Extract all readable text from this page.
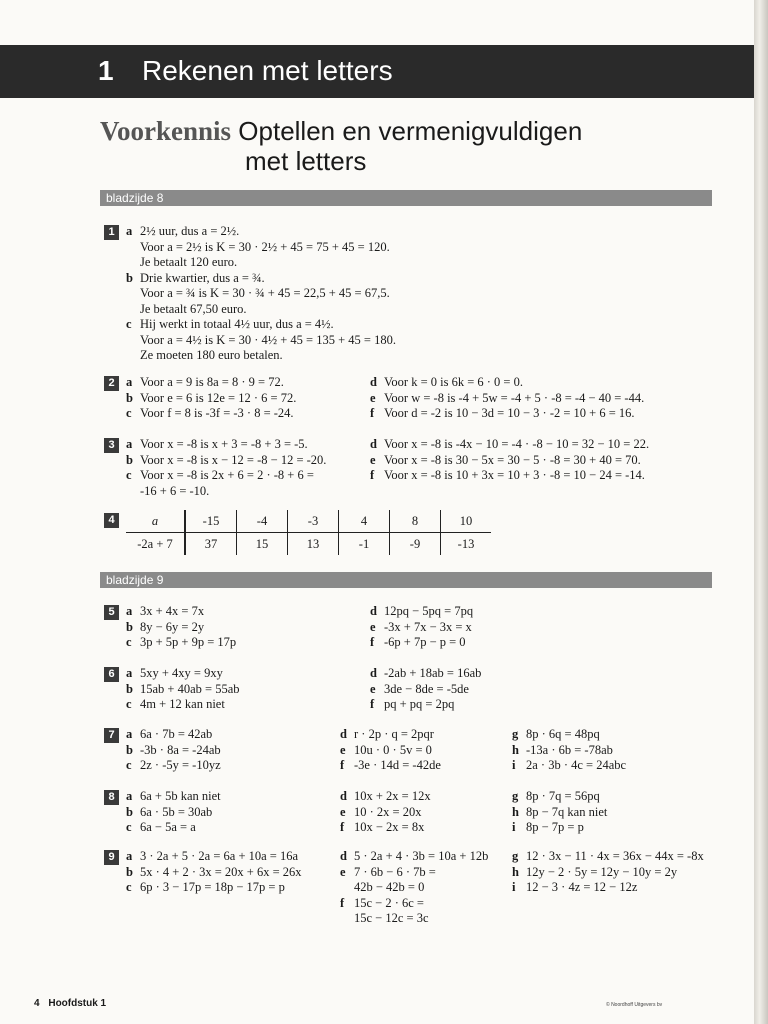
1 Rekenen met letters
Voorkennis Optellen en vermenigvuldigen
met letters
bladzijde 8
1 a 2½ uur, dus a = 2½.
Voor a = 2½ is K = 30 · 2½ + 45 = 75 + 45 = 120.
Je betaalt 120 euro.
b Drie kwartier, dus a = ¾.
Voor a = ¾ is K = 30 · ¾ + 45 = 22,5 + 45 = 67,5.
Je betaalt 67,50 euro.
c Hij werkt in totaal 4½ uur, dus a = 4½.
Voor a = 4½ is K = 30 · 4½ + 45 = 135 + 45 = 180.
Ze moeten 180 euro betalen.
2 a Voor a = 9 is 8a = 8 · 9 = 72.
b Voor e = 6 is 12e = 12 · 6 = 72.
c Voor f = 8 is -3f = -3 · 8 = -24.
d Voor k = 0 is 6k = 6 · 0 = 0.
e Voor w = -8 is -4 + 5w = -4 + 5 · -8 = -4 − 40 = -44.
f Voor d = -2 is 10 − 3d = 10 − 3 · -2 = 10 + 6 = 16.
3 a Voor x = -8 is x + 3 = -8 + 3 = -5.
b Voor x = -8 is x − 12 = -8 − 12 = -20.
c Voor x = -8 is 2x + 6 = 2 · -8 + 6 =
-16 + 6 = -10.
d Voor x = -8 is -4x − 10 = -4 · -8 − 10 = 32 − 10 = 22.
e Voor x = -8 is 30 − 5x = 30 − 5 · -8 = 30 + 40 = 70.
f Voor x = -8 is 10 + 3x = 10 + 3 · -8 = 10 − 24 = -14.
4	a	-15	-4	-3	4	8	10
-2a + 7	37	15	13	-1	-9	-13
bladzijde 9
5 a 3x + 4x = 7x
b 8y − 6y = 2y
c 3p + 5p + 9p = 17p
d 12pq − 5pq = 7pq
e -3x + 7x − 3x = x
f -6p + 7p − p = 0
6 a 5xy + 4xy = 9xy
b 15ab + 40ab = 55ab
c 4m + 12 kan niet
d -2ab + 18ab = 16ab
e 3de − 8de = -5de
f pq + pq = 2pq
7 a 6a · 7b = 42ab
b -3b · 8a = -24ab
c 2z · -5y = -10yz
d r · 2p · q = 2pqr
e 10u · 0 · 5v = 0
f -3e · 14d = -42de
g 8p · 6q = 48pq
h -13a · 6b = -78ab
i 2a · 3b · 4c = 24abc
8 a 6a + 5b kan niet
b 6a · 5b = 30ab
c 6a − 5a = a
d 10x + 2x = 12x
e 10 · 2x = 20x
f 10x − 2x = 8x
g 8p · 7q = 56pq
h 8p − 7q kan niet
i 8p − 7p = p
9 a 3 · 2a + 5 · 2a = 6a + 10a = 16a
b 5x · 4 + 2 · 3x = 20x + 6x = 26x
c 6p · 3 − 17p = 18p − 17p = p
d 5 · 2a + 4 · 3b = 10a + 12b
e 7 · 6b − 6 · 7b =
42b − 42b = 0
f 15c − 2 · 6c =
15c − 12c = 3c
g 12 · 3x − 11 · 4x = 36x − 44x = -8x
h 12y − 2 · 5y = 12y − 10y = 2y
i 12 − 3 · 4z = 12 − 12z
4 Hoofdstuk 1	© Noordhoff Uitgevers bv
